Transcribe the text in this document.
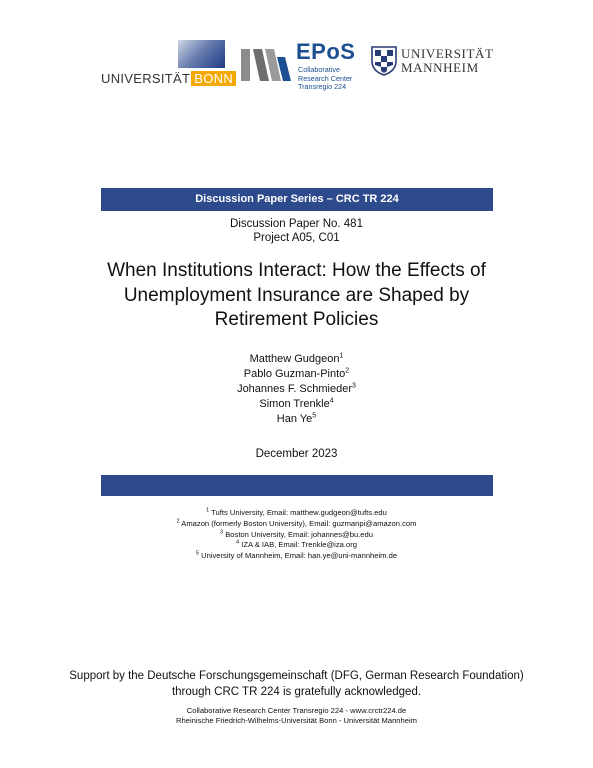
UNIVERSITÄT BONN
EPoS
Collaborative
Research Center
Transregio 224
UNIVERSITÄT
MANNHEIM
Discussion Paper Series – CRC TR 224
Discussion Paper No. 481
Project A05, C01
When Institutions Interact: How the Effects of
Unemployment Insurance are Shaped by
Retirement Policies
Matthew Gudgeon$^1$
Pablo Guzman-Pinto$^2$
Johannes F. Schmieder$^3$
Simon Trenkle$^4$
Han Ye$^5$
December 2023
$^1$ Tufts University, Email: matthew.gudgeon@tufts.edu
$^2$ Amazon (formerly Boston University), Email: guzmanpi@amazon.com
$^3$ Boston University, Email: johannes@bu.edu
$^4$ IZA & IAB, Email: Trenkle@iza.org
$^5$ University of Mannheim, Email: han.ye@uni-mannheim.de
Support by the Deutsche Forschungsgemeinschaft (DFG, German Research Foundation)
through CRC TR 224 is gratefully acknowledged.
Collaborative Research Center Transregio 224 - www.crctr224.de
Rheinische Friedrich-Wilhelms-Universität Bonn - Universität Mannheim
